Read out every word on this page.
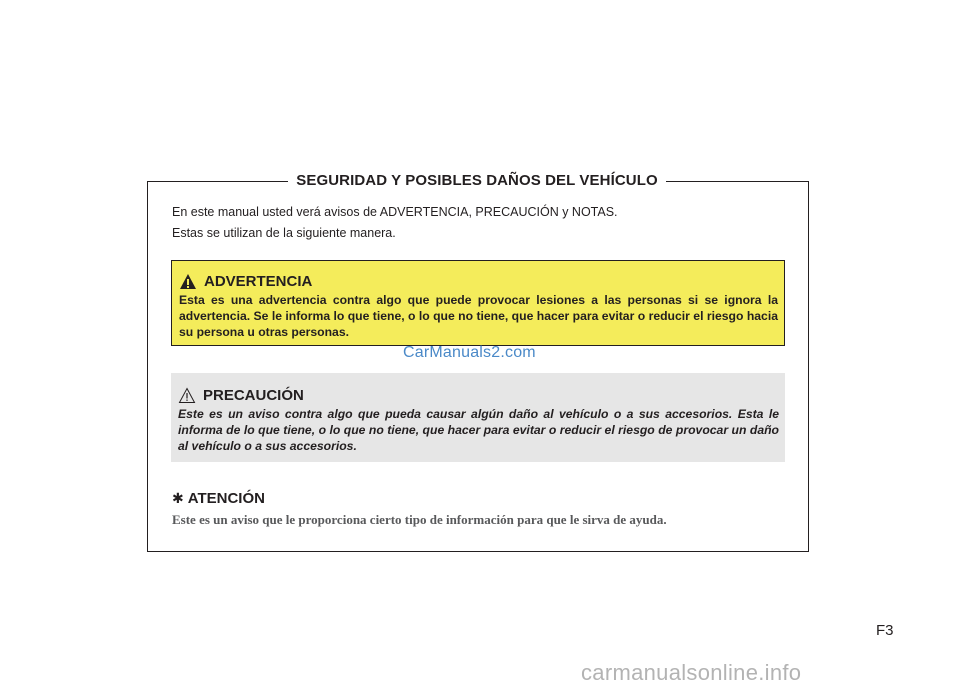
SEGURIDAD Y POSIBLES DAÑOS DEL VEHÍCULO
En este manual usted verá avisos de ADVERTENCIA, PRECAUCIÓN y NOTAS.
Estas se utilizan de la siguiente manera.
ADVERTENCIA
Esta es una advertencia contra algo que puede provocar lesiones a las personas si se ignora la advertencia. Se le informa lo que tiene, o lo que no tiene, que hacer para evitar o reducir el riesgo hacia su persona u otras personas.
CarManuals2.com
PRECAUCIÓN
Este es un aviso contra algo que pueda causar algún daño al vehículo o a sus accesorios. Esta le informa de lo que tiene, o lo que no tiene, que hacer para evitar o reducir el riesgo de provocar un daño al vehículo o a sus accesorios.
✱ ATENCIÓN
Este es un aviso que le proporciona cierto tipo de información para que le sirva de ayuda.
F3
carmanualsonline.info
